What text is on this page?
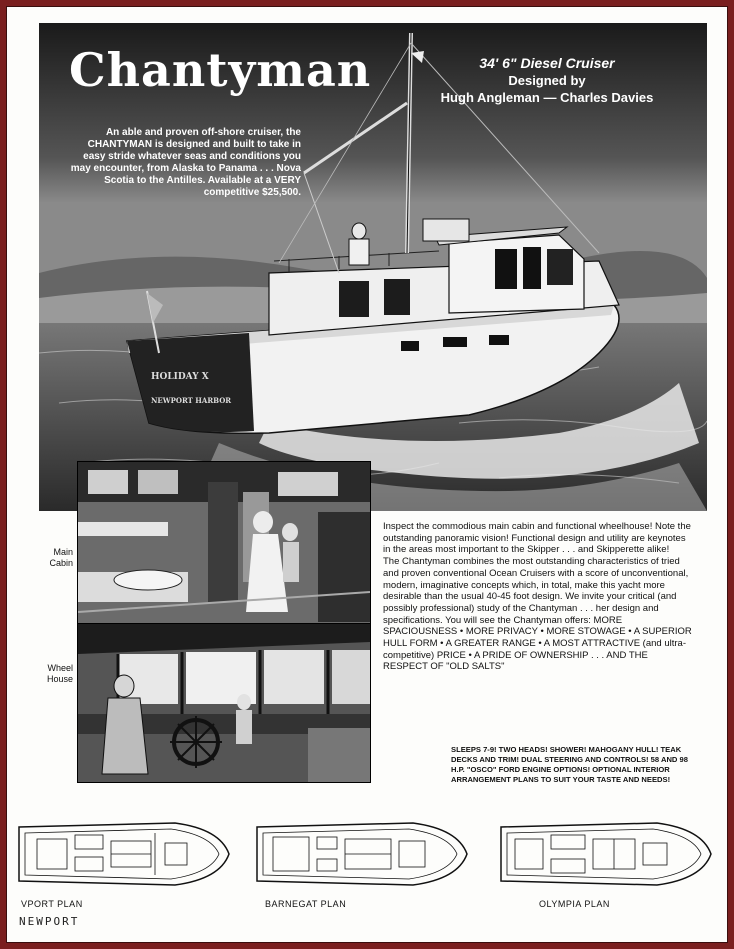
HOLIDAY X
NEWPORT HARBOR
Chantyman	34' 6" Diesel Cruiser
Designed by
Hugh Angleman — Charles Davies
An able and proven off-shore cruiser, the CHANTYMAN is designed and built to take in easy stride whatever seas and conditions you may encounter, from Alaska to Panama . . . Nova Scotia to the Antilles. Available at a VERY competitive $25,500.
Main
Cabin
Wheel
House

Inspect the commodious main cabin and functional wheelhouse! Note the outstanding panoramic vision! Functional design and utility are keynotes in the areas most important to the Skipper . . . and Skipperette alike!

The Chantyman combines the most outstanding characteristics of tried and proven conventional Ocean Cruisers with a score of unconventional, modern, imaginative concepts which, in total, make this yacht more desirable than the usual 40-45 foot design. We invite your critical (and possibly professional) study of the Chantyman . . . her design and specifications. You will see the Chantyman offers: MORE SPACIOUSNESS • MORE PRIVACY • MORE STOWAGE • A SUPERIOR HULL FORM • A GREATER RANGE • A MOST ATTRACTIVE (and ultra-competitive) PRICE • A PRIDE OF OWNERSHIP . . . AND THE RESPECT OF "OLD SALTS"

SLEEPS 7-9! TWO HEADS! SHOWER! MAHOGANY HULL! TEAK DECKS AND TRIM! DUAL STEERING AND CONTROLS! 58 AND 98 H.P. "OSCO" FORD ENGINE OPTIONS! OPTIONAL INTERIOR ARRANGEMENT PLANS TO SUIT YOUR TASTE AND NEEDS!
VPORT PLAN	BARNEGAT PLAN	OLYMPIA PLAN
NEWPORT
